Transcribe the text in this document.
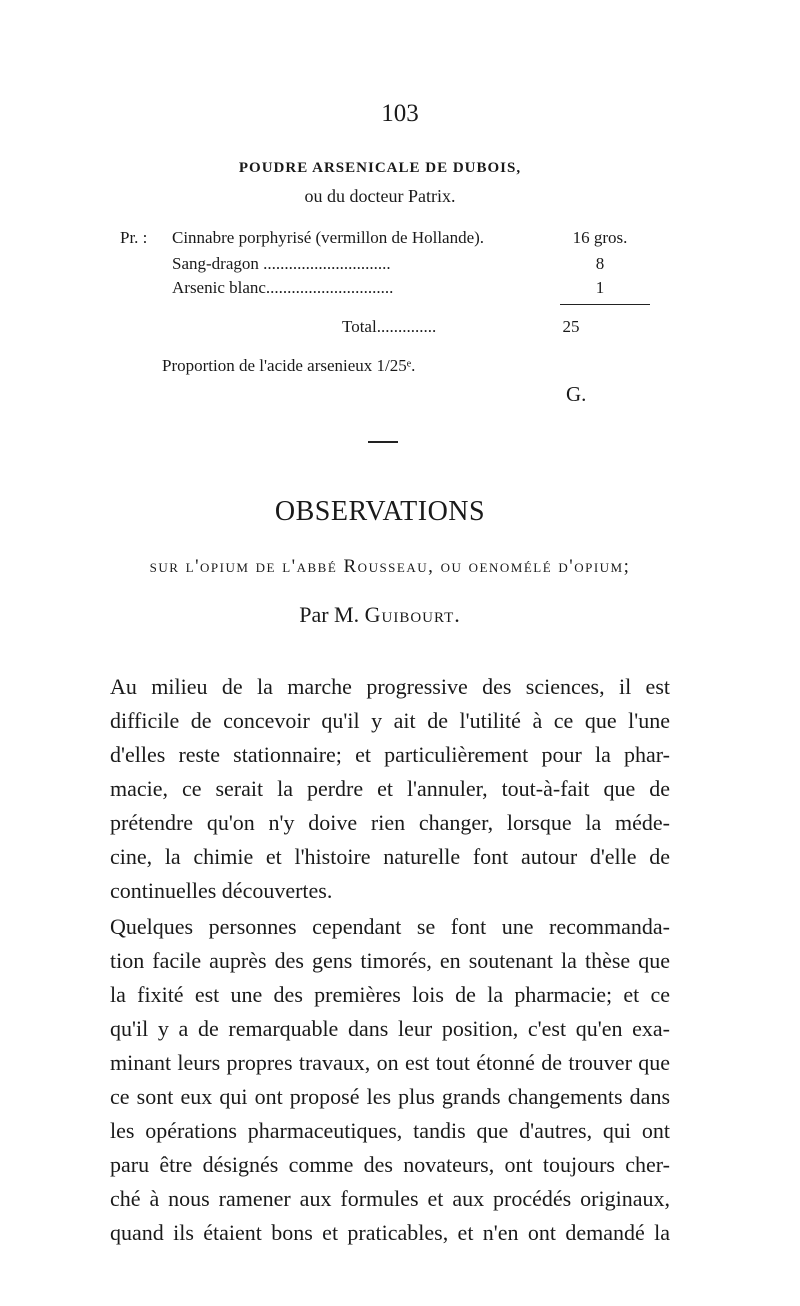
103
POUDRE ARSENICALE DE DUBOIS,
ou du docteur Patrix.
Pr. : Cinnabre porphyrisé (vermillon de Hollande).	16 gros.
Sang-dragon ..............................	8
Arsenic blanc..............................	1
Total..............	25
Proportion de l'acide arsenieux 1/25ᵉ.
G.
OBSERVATIONS
sur l'opium de l'abbé Rousseau, ou oenomélé d'opium;
Par M. Guibourt.
Au milieu de la marche progressive des sciences, il est
difficile de concevoir qu'il y ait de l'utilité à ce que l'une
d'elles reste stationnaire; et particulièrement pour la phar-
macie, ce serait la perdre et l'annuler, tout-à-fait que de
prétendre qu'on n'y doive rien changer, lorsque la méde-
cine, la chimie et l'histoire naturelle font autour d'elle de
continuelles découvertes.
Quelques personnes cependant se font une recommanda-
tion facile auprès des gens timorés, en soutenant la thèse que
la fixité est une des premières lois de la pharmacie; et ce
qu'il y a de remarquable dans leur position, c'est qu'en exa-
minant leurs propres travaux, on est tout étonné de trouver que
ce sont eux qui ont proposé les plus grands changements dans
les opérations pharmaceutiques, tandis que d'autres, qui ont
paru être désignés comme des novateurs, ont toujours cher-
ché à nous ramener aux formules et aux procédés originaux,
quand ils étaient bons et praticables, et n'en ont demandé la
